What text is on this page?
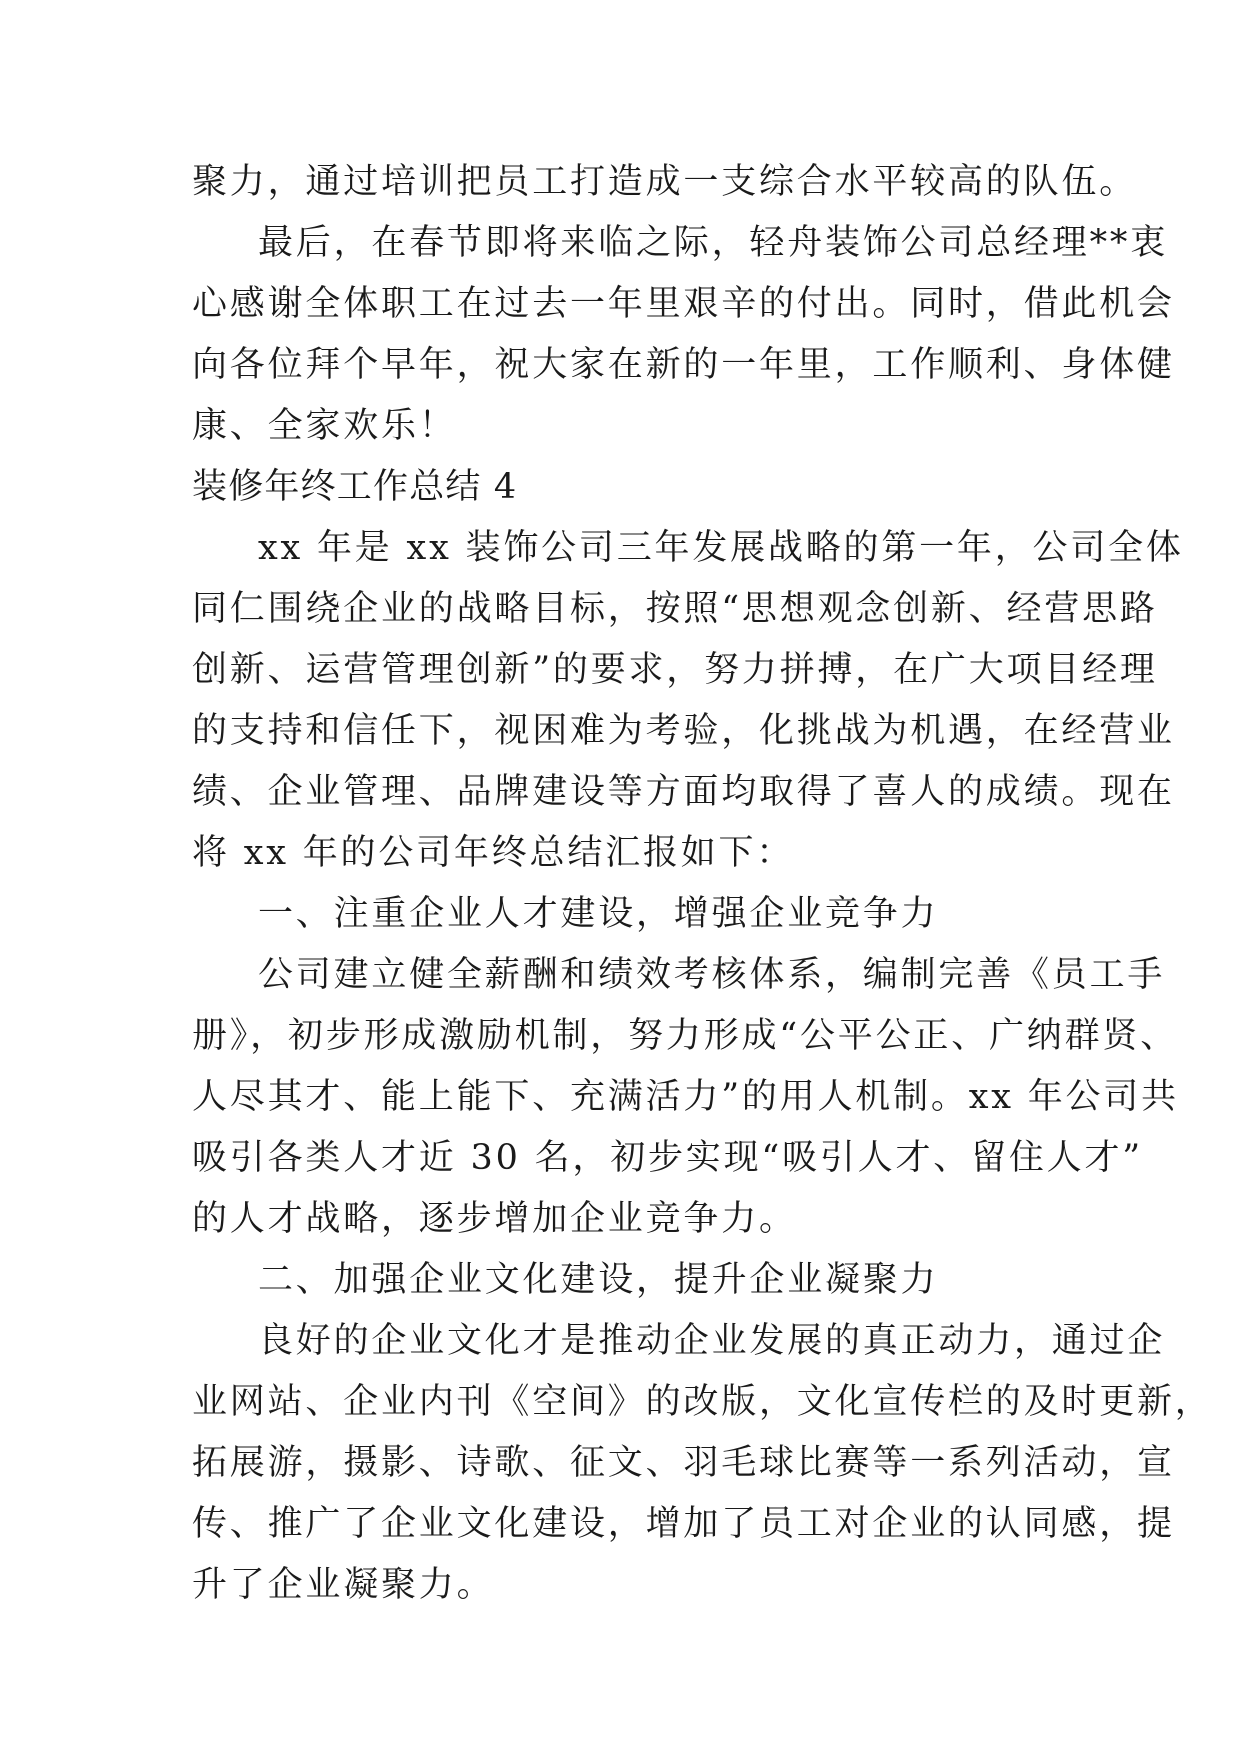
聚力，通过培训把员工打造成一支综合水平较高的队伍。
最后，在春节即将来临之际，轻舟装饰公司总经理**衷
心感谢全体职工在过去一年里艰辛的付出。同时，借此机会
向各位拜个早年，祝大家在新的一年里，工作顺利、身体健
康、全家欢乐！
装修年终工作总结 4
xx 年是 xx 装饰公司三年发展战略的第一年，公司全体
同仁围绕企业的战略目标，按照“思想观念创新、经营思路
创新、运营管理创新”的要求，努力拼搏，在广大项目经理
的支持和信任下，视困难为考验，化挑战为机遇，在经营业
绩、企业管理、品牌建设等方面均取得了喜人的成绩。现在
将 xx 年的公司年终总结汇报如下：
一、注重企业人才建设，增强企业竞争力
公司建立健全薪酬和绩效考核体系，编制完善《员工手
册》，初步形成激励机制，努力形成“公平公正、广纳群贤、
人尽其才、能上能下、充满活力”的用人机制。xx 年公司共
吸引各类人才近 30 名，初步实现“吸引人才、留住人才”
的人才战略，逐步增加企业竞争力。
二、加强企业文化建设，提升企业凝聚力
良好的企业文化才是推动企业发展的真正动力，通过企
业网站、企业内刊《空间》的改版，文化宣传栏的及时更新，
拓展游，摄影、诗歌、征文、羽毛球比赛等一系列活动，宣
传、推广了企业文化建设，增加了员工对企业的认同感，提
升了企业凝聚力。
